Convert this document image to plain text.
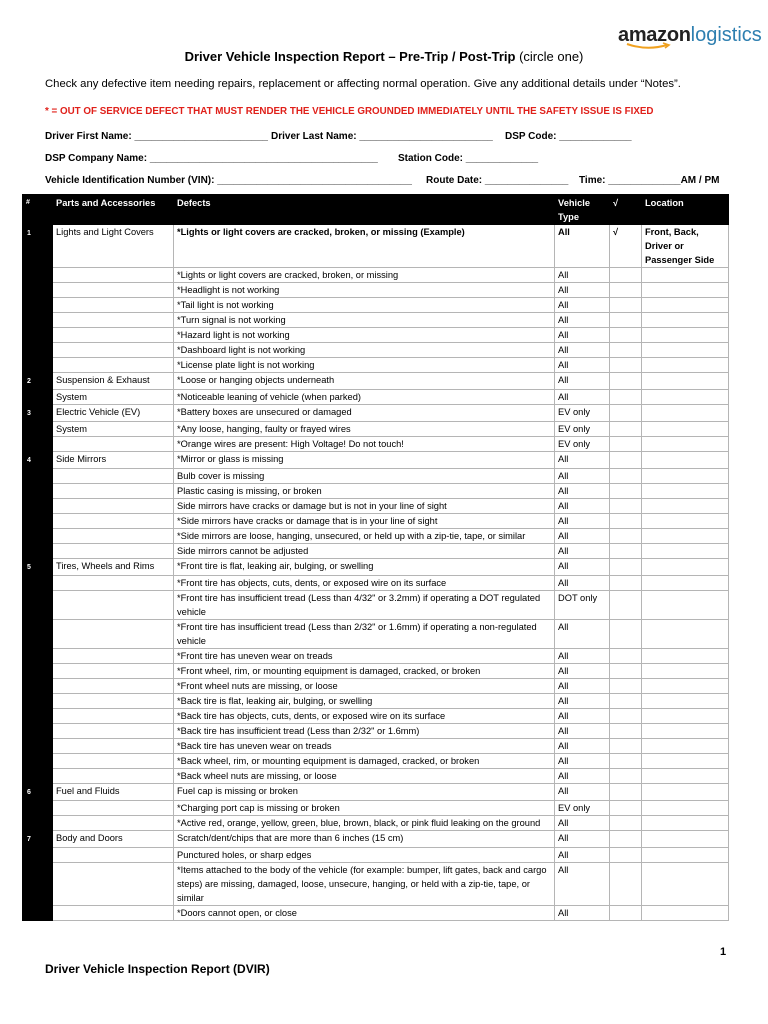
amazonlogistics
Driver Vehicle Inspection Report – Pre-Trip / Post-Trip (circle one)
Check any defective item needing repairs, replacement or affecting normal operation. Give any additional details under “Notes”.
* = OUT OF SERVICE DEFECT THAT MUST RENDER THE VEHICLE GROUNDED IMMEDIATELY UNTIL THE SAFETY ISSUE IS FIXED
Driver First Name: ________________________ Driver Last Name: ________________________ DSP Code: _____________
DSP Company Name: _________________________________________ Station Code: _____________
Vehicle Identification Number (VIN): ___________________________________ Route Date: _______________ Time: _____________AM / PM
#	Parts and Accessories	Defects	Vehicle Type	√	Location
1	Lights and Light Covers	*Lights or light covers are cracked, broken, or missing (Example)	All	√	Front, Back, Driver or Passenger Side
		*Lights or light covers are cracked, broken, or missing	All		
		*Headlight is not working	All		
		*Tail light is not working	All		
		*Turn signal is not working	All		
		*Hazard light is not working	All		
		*Dashboard light is not working	All		
		*License plate light is not working	All		
2	Suspension & Exhaust	*Loose or hanging objects underneath	All		
	System	*Noticeable leaning of vehicle (when parked)	All		
3	Electric Vehicle (EV)	*Battery boxes are unsecured or damaged	EV only		
	System	*Any loose, hanging, faulty or frayed wires	EV only		
		*Orange wires are present: High Voltage! Do not touch!	EV only		
4	Side Mirrors	*Mirror or glass is missing	All		
		Bulb cover is missing	All		
		Plastic casing is missing, or broken	All		
		Side mirrors have cracks or damage but is not in your line of sight	All		
		*Side mirrors have cracks or damage that is in your line of sight	All		
		*Side mirrors are loose, hanging, unsecured, or held up with a zip-tie, tape, or similar	All		
		Side mirrors cannot be adjusted	All		
5	Tires, Wheels and Rims	*Front tire is flat, leaking air, bulging, or swelling	All		
		*Front tire has objects, cuts, dents, or exposed wire on its surface	All		
		*Front tire has insufficient tread (Less than 4/32" or 3.2mm) if operating a DOT regulated vehicle	DOT only		
		*Front tire has insufficient tread (Less than 2/32" or 1.6mm) if operating a non-regulated vehicle	All		
		*Front tire has uneven wear on treads	All		
		*Front wheel, rim, or mounting equipment is damaged, cracked, or broken	All		
		*Front wheel nuts are missing, or loose	All		
		*Back tire is flat, leaking air, bulging, or swelling	All		
		*Back tire has objects, cuts, dents, or exposed wire on its surface	All		
		*Back tire has insufficient tread (Less than 2/32" or 1.6mm)	All		
		*Back tire has uneven wear on treads	All		
		*Back wheel, rim, or mounting equipment is damaged, cracked, or broken	All		
		*Back wheel nuts are missing, or loose	All		
6	Fuel and Fluids	Fuel cap is missing or broken	All		
		*Charging port cap is missing or broken	EV only		
		*Active red, orange, yellow, green, blue, brown, black, or pink fluid leaking on the ground	All		
7	Body and Doors	Scratch/dent/chips that are more than 6 inches (15 cm)	All		
		Punctured holes, or sharp edges	All		
		*Items attached to the body of the vehicle (for example: bumper, lift gates, back and cargo steps) are missing, damaged, loose, unsecure, hanging, or held with a zip-tie, tape, or similar	All		
		*Doors cannot open, or close	All		
1
Driver Vehicle Inspection Report (DVIR)
